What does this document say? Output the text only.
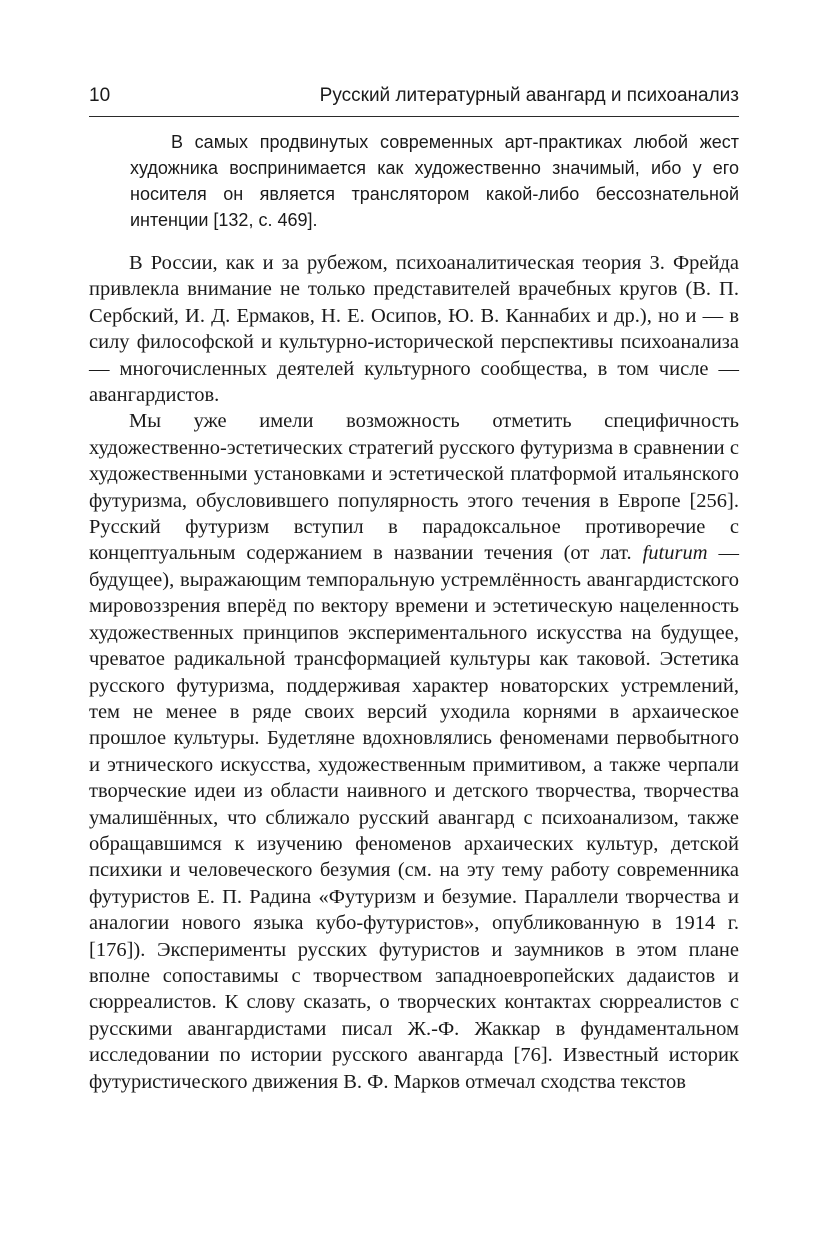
10	Русский литературный авангард и психоанализ

В самых продвинутых современных арт-практиках любой жест художника воспринимается как художественно значимый, ибо у его носителя он является транслятором какой-либо бессознательной интенции [132, с. 469].

В России, как и за рубежом, психоаналитическая теория З. Фрейда привлекла внимание не только представителей врачебных кругов (В. П. Сербский, И. Д. Ермаков, Н. Е. Осипов, Ю. В. Каннабих и др.), но и — в силу философской и культурно-исторической перспективы психоанализа — многочисленных деятелей культурного сообщества, в том числе — авангардистов.

Мы уже имели возможность отметить специфичность художественно-эстетических стратегий русского футуризма в сравнении с художественными установками и эстетической платформой итальянского футуризма, обусловившего популярность этого течения в Европе [256]. Русский футуризм вступил в парадоксальное противоречие с концептуальным содержанием в названии течения (от лат. futurum — будущее), выражающим темпоральную устремлённость авангардистского мировоззрения вперёд по вектору времени и эстетическую нацеленность художественных принципов экспериментального искусства на будущее, чреватое радикальной трансформацией культуры как таковой. Эстетика русского футуризма, поддерживая характер новаторских устремлений, тем не менее в ряде своих версий уходила корнями в архаическое прошлое культуры. Будетляне вдохновлялись феноменами первобытного и этнического искусства, художественным примитивом, а также черпали творческие идеи из области наивного и детского творчества, творчества умалишённых, что сближало русский авангард с психоанализом, также обращавшимся к изучению феноменов архаических культур, детской психики и человеческого безумия (см. на эту тему работу современника футуристов Е. П. Радина «Футуризм и безумие. Параллели творчества и аналогии нового языка кубо-футуристов», опубликованную в 1914 г. [176]). Эксперименты русских футуристов и заумников в этом плане вполне сопоставимы с творчеством западноевропейских дадаистов и сюрреалистов. К слову сказать, о творческих контактах сюрреалистов с русскими авангардистами писал Ж.-Ф. Жаккар в фундаментальном исследовании по истории русского авангарда [76]. Известный историк футуристического движения В. Ф. Марков отмечал сходства текстов
